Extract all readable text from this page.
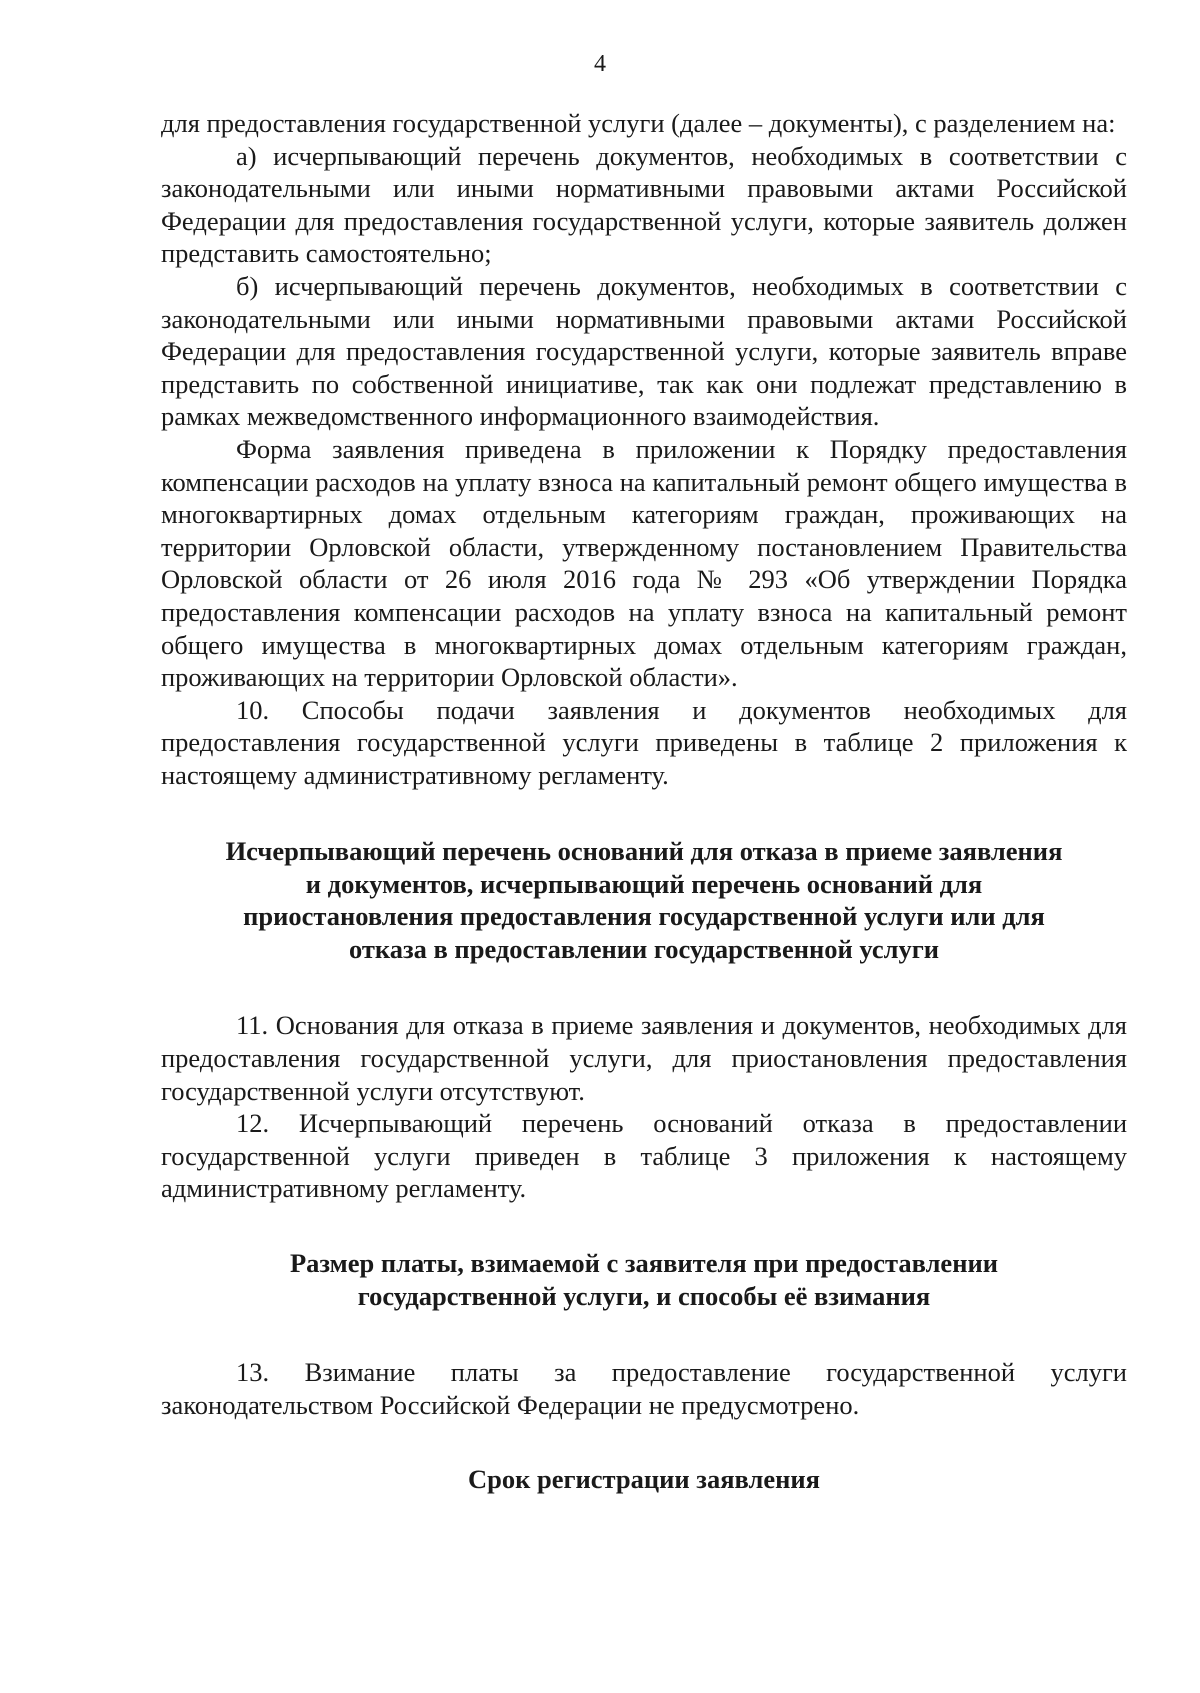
4

для предоставления государственной услуги (далее – документы), с разделением на:

а) исчерпывающий перечень документов, необходимых в соответствии с законодательными или иными нормативными правовыми актами Российской Федерации для предоставления государственной услуги, которые заявитель должен представить самостоятельно;

б) исчерпывающий перечень документов, необходимых в соответствии с законодательными или иными нормативными правовыми актами Российской Федерации для предоставления государственной услуги, которые заявитель вправе представить по собственной инициативе, так как они подлежат представлению в рамках межведомственного информационного взаимодействия.

Форма заявления приведена в приложении к Порядку предоставления компенсации расходов на уплату взноса на капитальный ремонт общего имущества в многоквартирных домах отдельным категориям граждан, проживающих на территории Орловской области, утвержденному постановлением Правительства Орловской области от 26 июля 2016 года № 293 «Об утверждении Порядка предоставления компенсации расходов на уплату взноса на капитальный ремонт общего имущества в многоквартирных домах отдельным категориям граждан, проживающих на территории Орловской области».

10. Способы подачи заявления и документов необходимых для предоставления государственной услуги приведены в таблице 2 приложения к настоящему административному регламенту.

Исчерпывающий перечень оснований для отказа в приеме заявления
и документов, исчерпывающий перечень оснований для
приостановления предоставления государственной услуги или для
отказа в предоставлении государственной услуги

11. Основания для отказа в приеме заявления и документов, необходимых для предоставления государственной услуги, для приостановления предоставления государственной услуги отсутствуют.

12. Исчерпывающий перечень оснований отказа в предоставлении государственной услуги приведен в таблице 3 приложения к настоящему административному регламенту.

Размер платы, взимаемой с заявителя при предоставлении
государственной услуги, и способы её взимания

13. Взимание платы за предоставление государственной услуги законодательством Российской Федерации не предусмотрено.

Срок регистрации заявления
